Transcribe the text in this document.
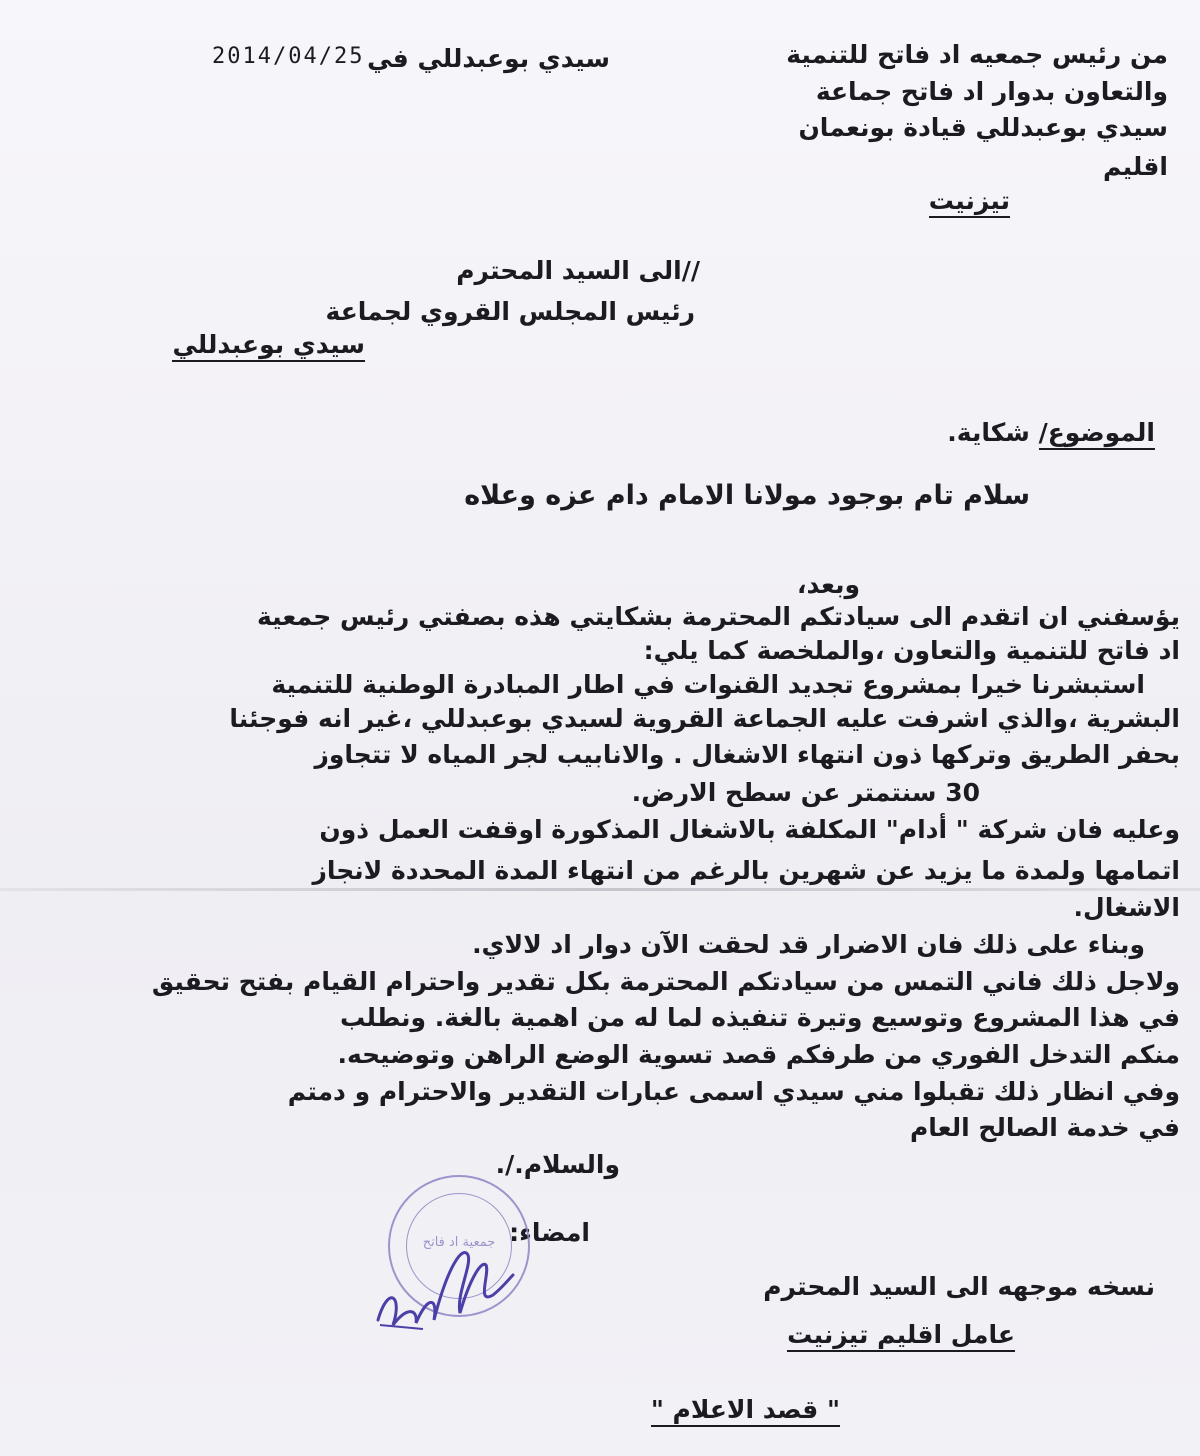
من رئيس جمعيه اد فاتح للتنمية
والتعاون بدوار اد فاتح جماعة
سيدي بوعبدللي قيادة بونعمان
اقليم
تيزنيت
سيدي بوعبدللي في
2014/04/25
//الى السيد المحترم
رئيس المجلس القروي لجماعة
سيدي بوعبدللي
الموضوع/ شكاية.
سلام تام بوجود مولانا الامام دام عزه وعلاه
وبعد،
يؤسفني ان اتقدم الى سيادتكم المحترمة بشكايتي هذه بصفتي رئيس جمعية
اد فاتح للتنمية والتعاون ،والملخصة كما يلي:
استبشرنا خيرا بمشروع تجديد القنوات في اطار المبادرة الوطنية للتنمية
البشرية ،والذي اشرفت عليه الجماعة القروية لسيدي بوعبدللي ،غير انه فوجئنا
بحفر الطريق وتركها ذون انتهاء الاشغال . والانابيب لجر المياه لا تتجاوز
30 سنتمتر عن سطح الارض.
وعليه فان شركة " أدام" المكلفة بالاشغال المذكورة اوقفت العمل ذون
اتمامها ولمدة ما يزيد عن شهرين بالرغم من انتهاء المدة المحددة لانجاز
الاشغال.
وبناء على ذلك فان الاضرار قد لحقت الآن دوار اد لالاي.
ولاجل ذلك فاني التمس من سيادتكم المحترمة بكل تقدير واحترام القيام بفتح تحقيق
في هذا المشروع وتوسيع وتيرة تنفيذه لما له من اهمية بالغة. ونطلب
منكم التدخل الفوري من طرفكم قصد تسوية الوضع الراهن وتوضيحه.
وفي انظار ذلك تقبلوا مني سيدي اسمى عبارات التقدير والاحترام و دمتم
في خدمة الصالح العام
والسلام./.
امضاء:
جمعية اد فاتح
نسخه موجهه الى السيد المحترم
عامل اقليم تيزنيت
" قصد الاعلام "
